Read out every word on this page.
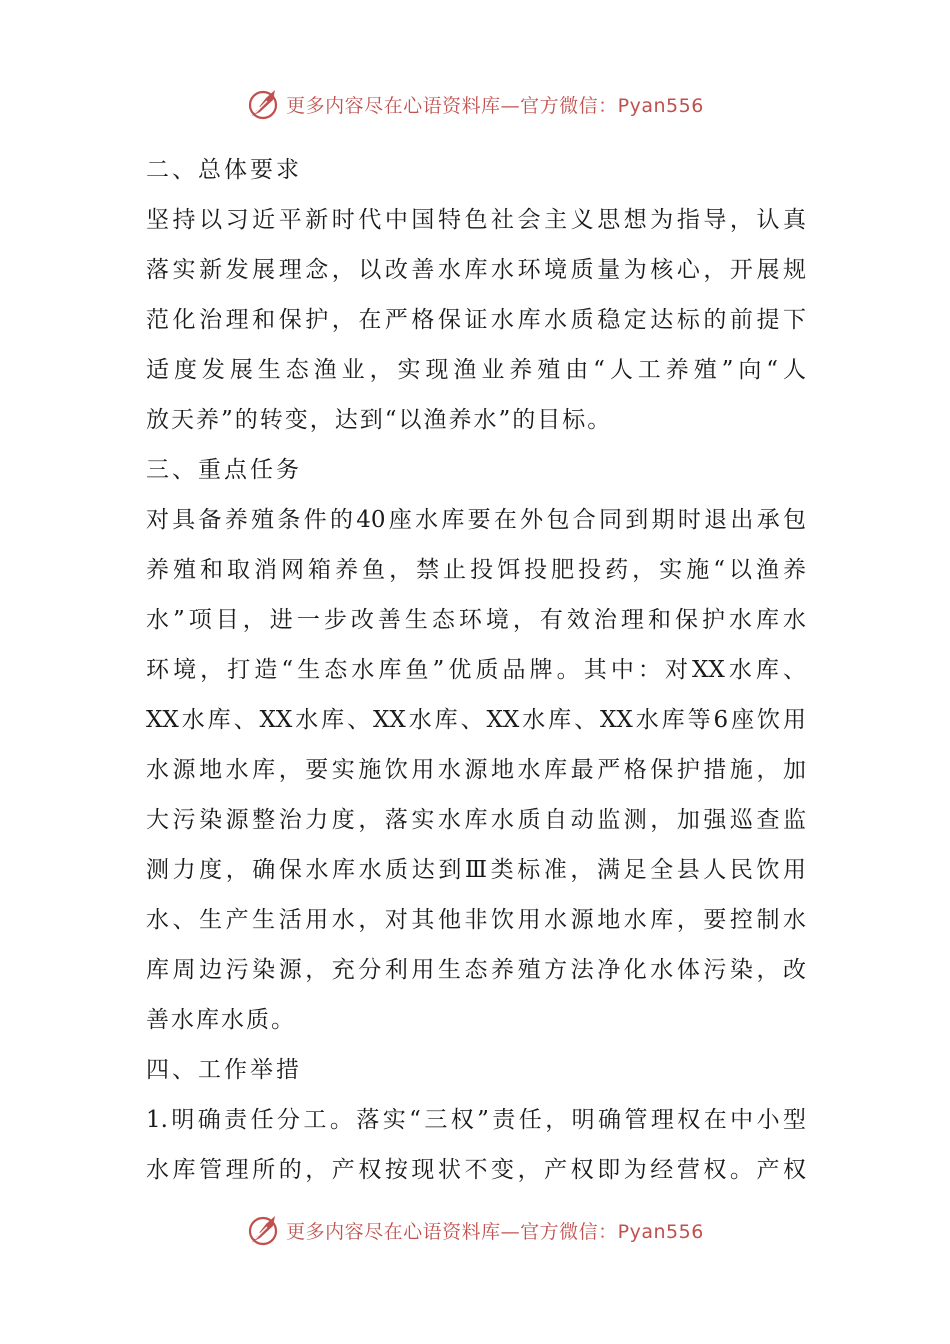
更多内容尽在心语资料库—官方微信：Pyan556
二、总体要求
坚持以习近平新时代中国特色社会主义思想为指导，认真
落实新发展理念，以改善水库水环境质量为核心，开展规
范化治理和保护，在严格保证水库水质稳定达标的前提下
适度发展生态渔业，实现渔业养殖由“人工养殖”向“人
放天养”的转变，达到“以渔养水”的目标。
三、重点任务
对具备养殖条件的40座水库要在外包合同到期时退出承包
养殖和取消网箱养鱼，禁止投饵投肥投药，实施“以渔养
水”项目，进一步改善生态环境，有效治理和保护水库水
环境，打造“生态水库鱼”优质品牌。其中：对XX水库、
XX水库、XX水库、XX水库、XX水库、XX水库等6座饮用
水源地水库，要实施饮用水源地水库最严格保护措施，加
大污染源整治力度，落实水库水质自动监测，加强巡查监
测力度，确保水库水质达到Ⅲ类标准，满足全县人民饮用
水、生产生活用水，对其他非饮用水源地水库，要控制水
库周边污染源，充分利用生态养殖方法净化水体污染，改
善水库水质。
四、工作举措
1.明确责任分工。落实“三权”责任，明确管理权在中小型
水库管理所的，产权按现状不变，产权即为经营权。产权
更多内容尽在心语资料库—官方微信：Pyan556
